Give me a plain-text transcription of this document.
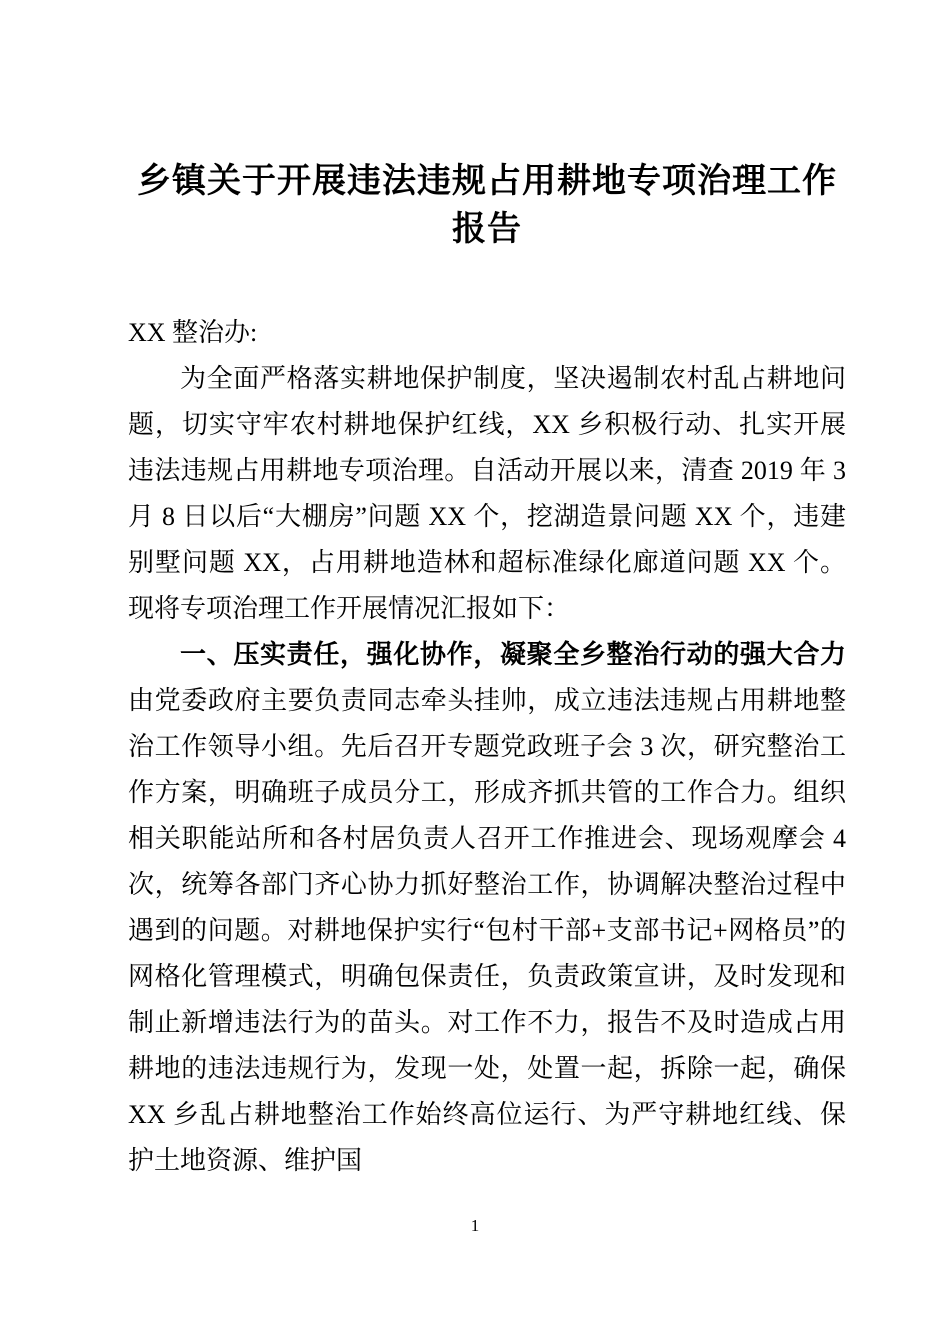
乡镇关于开展违法违规占用耕地专项治理工作
报告

XX 整治办:

为全面严格落实耕地保护制度，坚决遏制农村乱占耕地问题，切实守牢农村耕地保护红线，XX 乡积极行动、扎实开展违法违规占用耕地专项治理。自活动开展以来，清查 2019 年 3 月 8 日以后“大棚房”问题 XX 个，挖湖造景问题 XX 个，违建别墅问题 XX，占用耕地造林和超标准绿化廊道问题 XX 个。现将专项治理工作开展情况汇报如下：

一、压实责任，强化协作，凝聚全乡整治行动的强大合力由党委政府主要负责同志牵头挂帅，成立违法违规占用耕地整治工作领导小组。先后召开专题党政班子会 3 次，研究整治工作方案，明确班子成员分工，形成齐抓共管的工作合力。组织相关职能站所和各村居负责人召开工作推进会、现场观摩会 4 次，统筹各部门齐心协力抓好整治工作，协调解决整治过程中遇到的问题。对耕地保护实行“包村干部+支部书记+网格员”的网格化管理模式，明确包保责任，负责政策宣讲，及时发现和制止新增违法行为的苗头。对工作不力，报告不及时造成占用耕地的违法违规行为，发现一处，处置一起，拆除一起，确保 XX 乡乱占耕地整治工作始终高位运行、为严守耕地红线、保护土地资源、维护国

1
